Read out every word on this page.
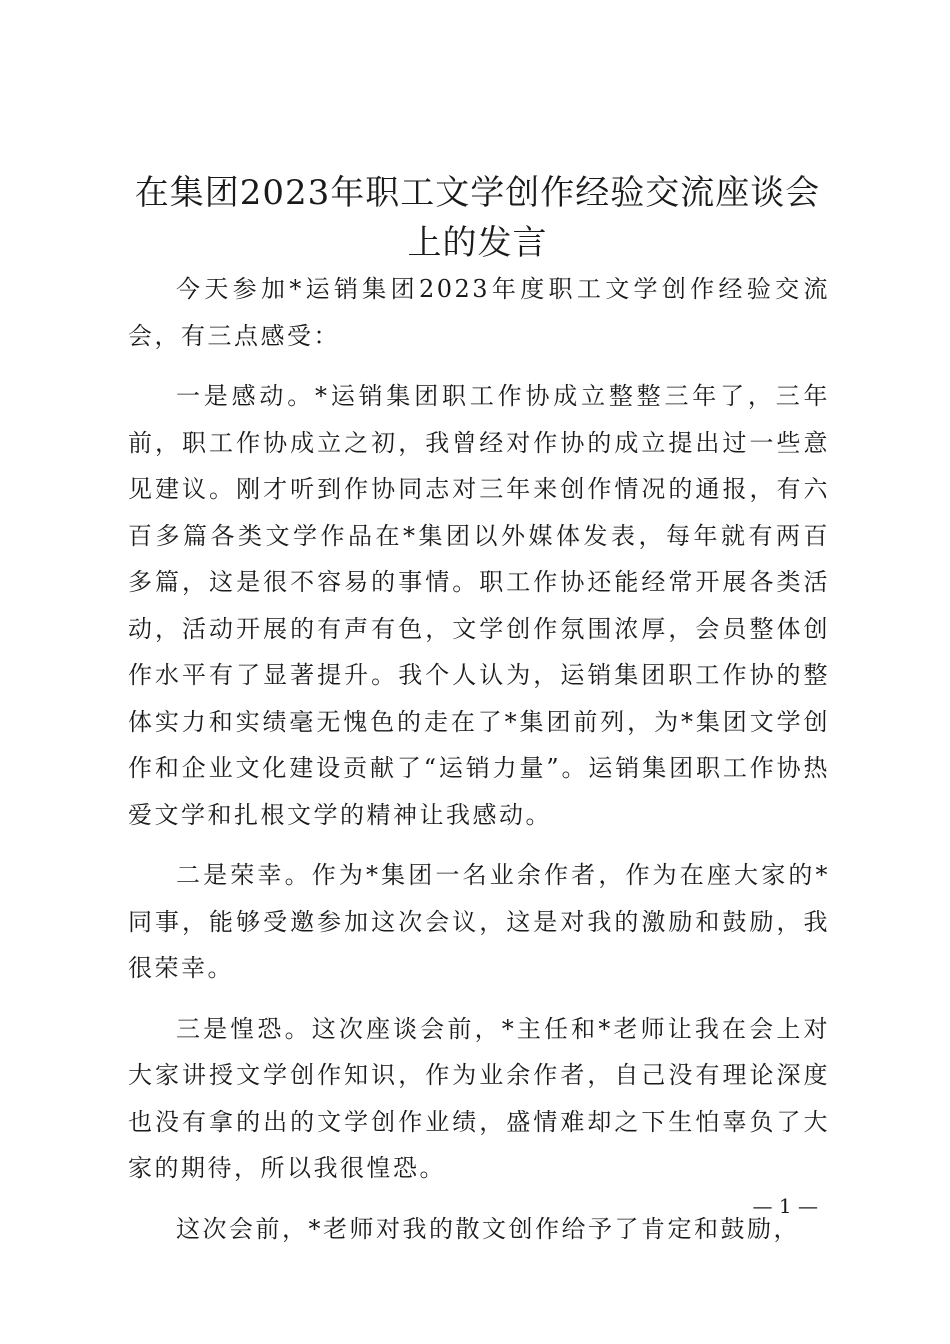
在集团2023年职工文学创作经验交流座谈会上的发言

今天参加*运销集团2023年度职工文学创作经验交流会，有三点感受：

一是感动。*运销集团职工作协成立整整三年了，三年前，职工作协成立之初，我曾经对作协的成立提出过一些意见建议。刚才听到作协同志对三年来创作情况的通报，有六百多篇各类文学作品在*集团以外媒体发表，每年就有两百多篇，这是很不容易的事情。职工作协还能经常开展各类活动，活动开展的有声有色，文学创作氛围浓厚，会员整体创作水平有了显著提升。我个人认为，运销集团职工作协的整体实力和实绩毫无愧色的走在了*集团前列，为*集团文学创作和企业文化建设贡献了“运销力量”。运销集团职工作协热爱文学和扎根文学的精神让我感动。

二是荣幸。作为*集团一名业余作者，作为在座大家的*同事，能够受邀参加这次会议，这是对我的激励和鼓励，我很荣幸。

三是惶恐。这次座谈会前，*主任和*老师让我在会上对大家讲授文学创作知识，作为业余作者，自己没有理论深度也没有拿的出的文学创作业绩，盛情难却之下生怕辜负了大家的期待，所以我很惶恐。

这次会前，*老师对我的散文创作给予了肯定和鼓励，

— 1 —
